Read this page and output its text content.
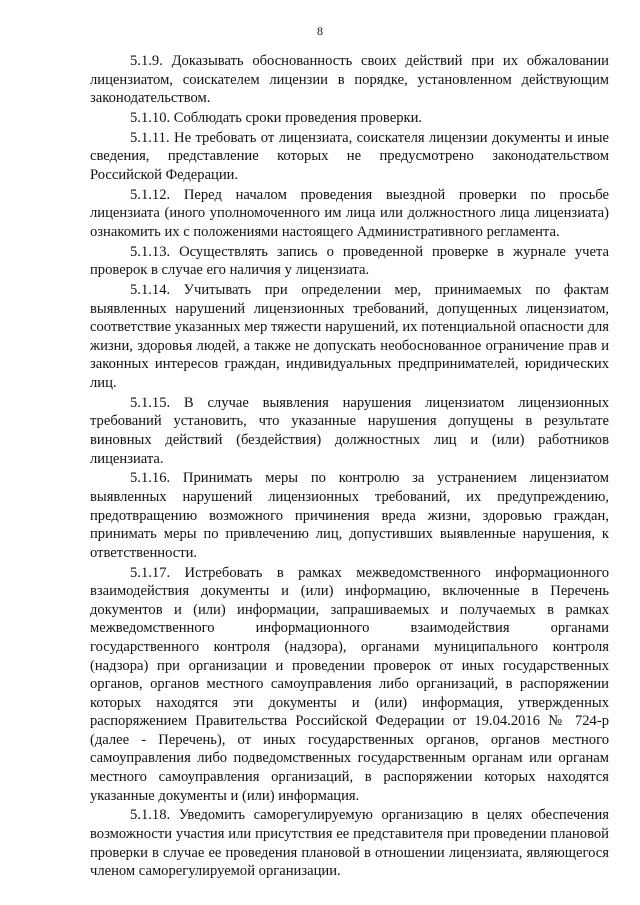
8

5.1.9. Доказывать обоснованность своих действий при их обжаловании лицензиатом, соискателем лицензии в порядке, установленном действующим законодательством.

5.1.10. Соблюдать сроки проведения проверки.

5.1.11. Не требовать от лицензиата, соискателя лицензии документы и иные сведения, представление которых не предусмотрено законодательством Российской Федерации.

5.1.12. Перед началом проведения выездной проверки по просьбе лицензиата (иного уполномоченного им лица или должностного лица лицензиата) ознакомить их с положениями настоящего Административного регламента.

5.1.13. Осуществлять запись о проведенной проверке в журнале учета проверок в случае его наличия у лицензиата.

5.1.14. Учитывать при определении мер, принимаемых по фактам выявленных нарушений лицензионных требований, допущенных лицензиатом, соответствие указанных мер тяжести нарушений, их потенциальной опасности для жизни, здоровья людей, а также не допускать необоснованное ограничение прав и законных интересов граждан, индивидуальных предпринимателей, юридических лиц.

5.1.15. В случае выявления нарушения лицензиатом лицензионных требований установить, что указанные нарушения допущены в результате виновных действий (бездействия) должностных лиц и (или) работников лицензиата.

5.1.16. Принимать меры по контролю за устранением лицензиатом выявленных нарушений лицензионных требований, их предупреждению, предотвращению возможного причинения вреда жизни, здоровью граждан, принимать меры по привлечению лиц, допустивших выявленные нарушения, к ответственности.

5.1.17. Истребовать в рамках межведомственного информационного взаимодействия документы и (или) информацию, включенные в Перечень документов и (или) информации, запрашиваемых и получаемых в рамках межведомственного информационного взаимодействия органами государственного контроля (надзора), органами муниципального контроля (надзора) при организации и проведении проверок от иных государственных органов, органов местного самоуправления либо организаций, в распоряжении которых находятся эти документы и (или) информация, утвержденных распоряжением Правительства Российской Федерации от 19.04.2016 № 724-р (далее - Перечень), от иных государственных органов, органов местного самоуправления либо подведомственных государственным органам или органам местного самоуправления организаций, в распоряжении которых находятся указанные документы и (или) информация.

5.1.18. Уведомить саморегулируемую организацию в целях обеспечения возможности участия или присутствия ее представителя при проведении плановой проверки в случае ее проведения плановой в отношении лицензиата, являющегося членом саморегулируемой организации.
